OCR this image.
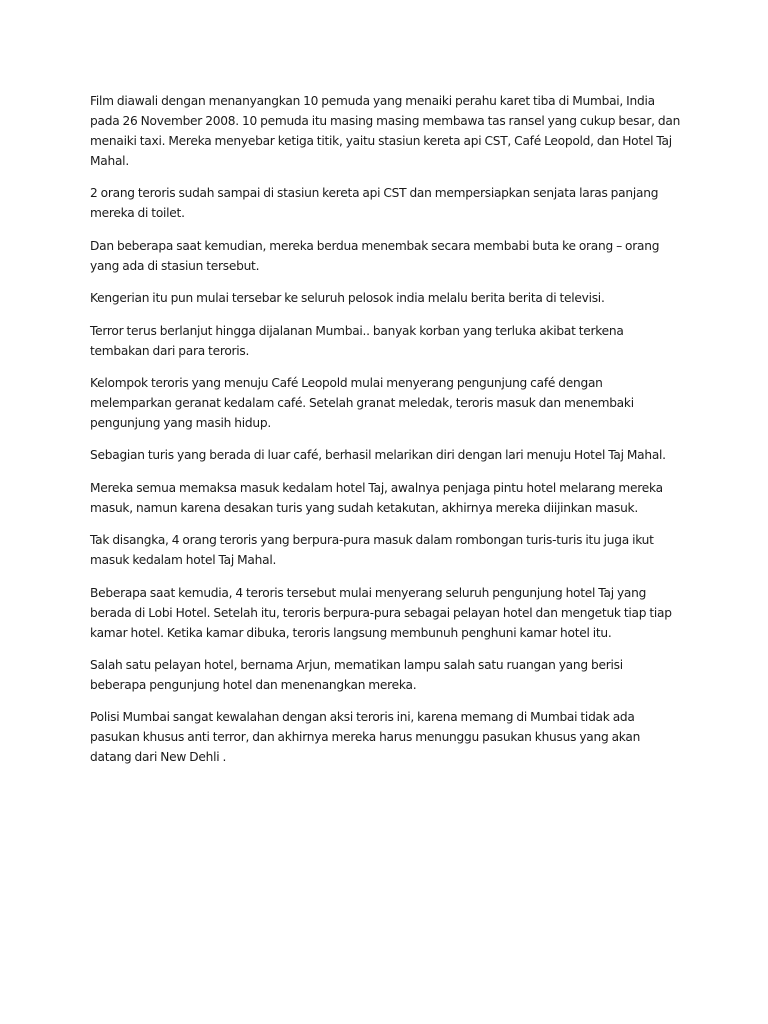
Film diawali dengan menanyangkan 10 pemuda yang menaiki perahu karet tiba di Mumbai, India pada 26 November 2008. 10 pemuda itu masing masing membawa tas ransel yang cukup besar, dan menaiki taxi. Mereka menyebar ketiga titik, yaitu stasiun kereta api CST, Café Leopold, dan Hotel Taj Mahal.

2 orang teroris sudah sampai di stasiun kereta api CST dan mempersiapkan senjata laras panjang mereka di toilet.

Dan beberapa saat kemudian, mereka berdua menembak secara membabi buta ke orang – orang yang ada di stasiun tersebut.

Kengerian itu pun mulai tersebar ke seluruh pelosok india melalu berita berita di televisi.

Terror terus berlanjut hingga dijalanan Mumbai.. banyak korban yang terluka akibat terkena tembakan dari para teroris.

Kelompok teroris yang menuju Café Leopold mulai menyerang pengunjung café dengan melemparkan geranat kedalam café. Setelah granat meledak, teroris masuk dan menembaki pengunjung yang masih hidup.

Sebagian turis yang berada di luar café, berhasil melarikan diri dengan lari menuju Hotel Taj Mahal.

Mereka semua memaksa masuk kedalam hotel Taj, awalnya penjaga pintu hotel melarang mereka masuk, namun karena desakan turis yang sudah ketakutan, akhirnya mereka diijinkan masuk.

Tak disangka, 4 orang teroris yang berpura-pura masuk dalam rombongan turis-turis itu juga ikut masuk kedalam hotel Taj Mahal.

Beberapa saat kemudia, 4 teroris tersebut mulai menyerang seluruh pengunjung hotel Taj yang berada di Lobi Hotel. Setelah itu, teroris berpura-pura sebagai pelayan hotel dan mengetuk tiap tiap kamar hotel. Ketika kamar dibuka, teroris langsung membunuh penghuni kamar hotel itu.

Salah satu pelayan hotel, bernama Arjun, mematikan lampu salah satu ruangan yang berisi beberapa pengunjung hotel dan menenangkan mereka.

Polisi Mumbai sangat kewalahan dengan aksi teroris ini, karena memang di Mumbai tidak ada pasukan khusus anti terror, dan akhirnya mereka harus menunggu pasukan khusus yang akan datang dari New Dehli .
